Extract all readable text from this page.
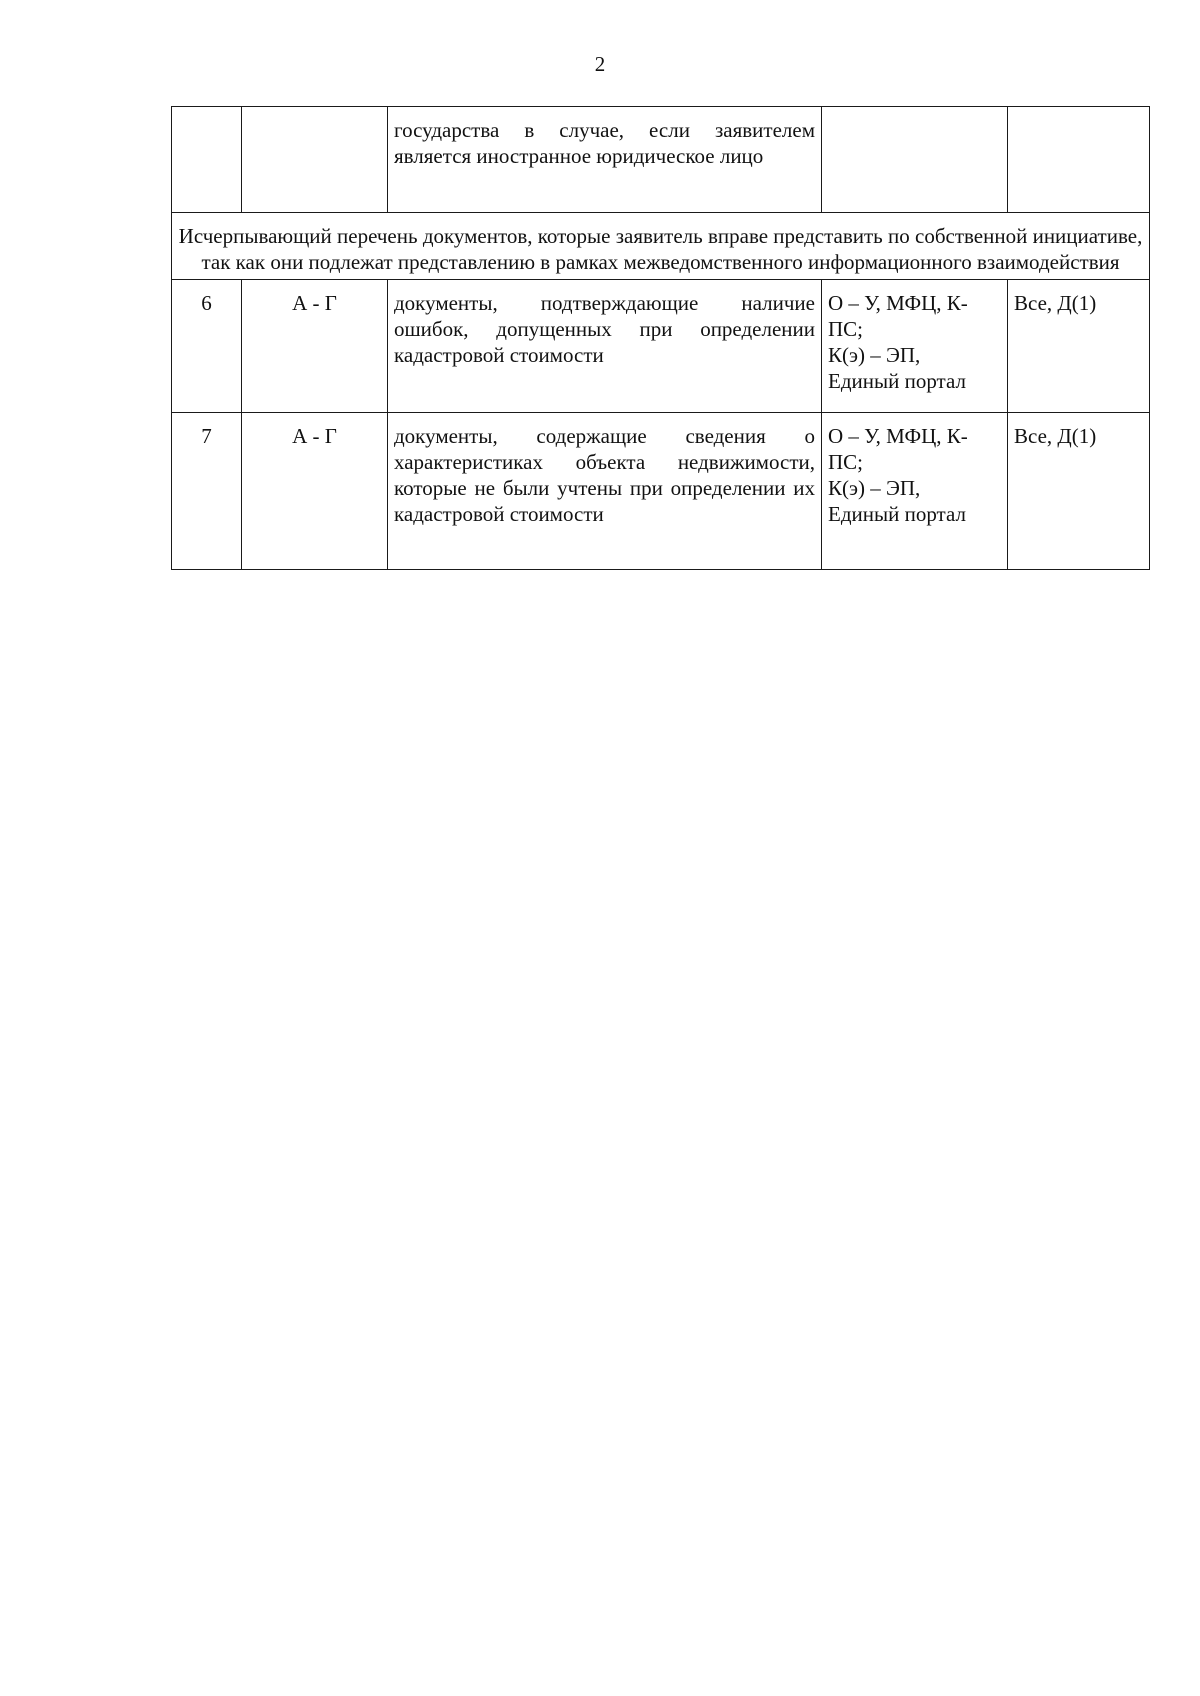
2
		государства в случае, если заявителем является иностранное юридическое лицо		
Исчерпывающий перечень документов, которые заявитель вправе представить по собственной инициативе, так как они подлежат представлению в рамках межведомственного информационного взаимодействия				
6	А - Г	документы, подтверждающие наличие ошибок, допущенных при определении кадастровой стоимости	О – У, МФЦ, К-ПС;
К(э) – ЭП,
Единый портал	Все, Д(1)
7	А - Г	документы, содержащие сведения о характеристиках объекта недвижимости, которые не были учтены при определении их кадастровой стоимости	О – У, МФЦ, К-ПС;
К(э) – ЭП,
Единый портал	Все, Д(1)
